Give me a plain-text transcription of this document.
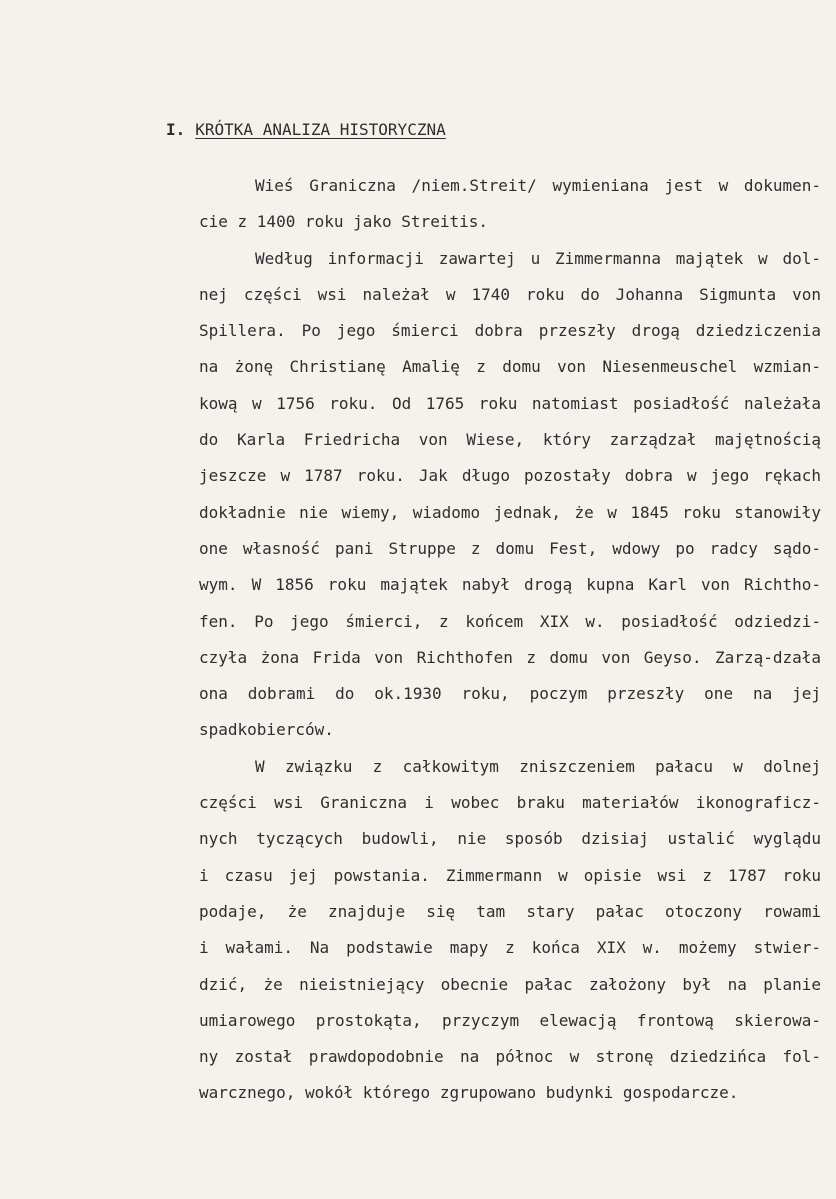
I. KRÓTKA ANALIZA HISTORYCZNA
Wieś Graniczna /niem.Streit/ wymieniana jest w dokumen-
cie z 1400 roku jako Streitis.
Według informacji zawartej u Zimmermanna majątek w dol-
nej części wsi należał w 1740 roku do Johanna Sigmunta von
Spillera. Po jego śmierci dobra przeszły drogą dziedziczenia
na żonę Christianę Amalię z domu von Niesenmeuschel wzmian-
kową w 1756 roku. Od 1765 roku natomiast posiadłość należała
do Karla Friedricha von Wiese, który zarządzał majętnością
jeszcze w 1787 roku. Jak długo pozostały dobra w jego rękach
dokładnie nie wiemy, wiadomo jednak, że w 1845 roku stanowiły
one własność pani Struppe z domu Fest, wdowy po radcy sądo-
wym. W 1856 roku majątek nabył drogą kupna Karl von Richtho-
fen. Po jego śmierci, z końcem XIX w. posiadłość odziedzi-
czyła żona Frida von Richthofen z domu von Geyso. Zarzą-dzała
ona dobrami do ok.1930 roku, poczym przeszły one na jej
spadkobierców.
W związku z całkowitym zniszczeniem pałacu w dolnej
części wsi Graniczna i wobec braku materiałów ikonograficz-
nych tyczących budowli, nie sposób dzisiaj ustalić wyglądu
i czasu jej powstania. Zimmermann w opisie wsi z 1787 roku
podaje, że znajduje się tam stary pałac otoczony rowami
i wałami. Na podstawie mapy z końca XIX w. możemy stwier-
dzić, że nieistniejący obecnie pałac założony był na planie
umiarowego prostokąta, przyczym elewacją frontową skierowa-
ny został prawdopodobnie na północ w stronę dziedzińca fol-
warcznego, wokół którego zgrupowano budynki gospodarcze.
